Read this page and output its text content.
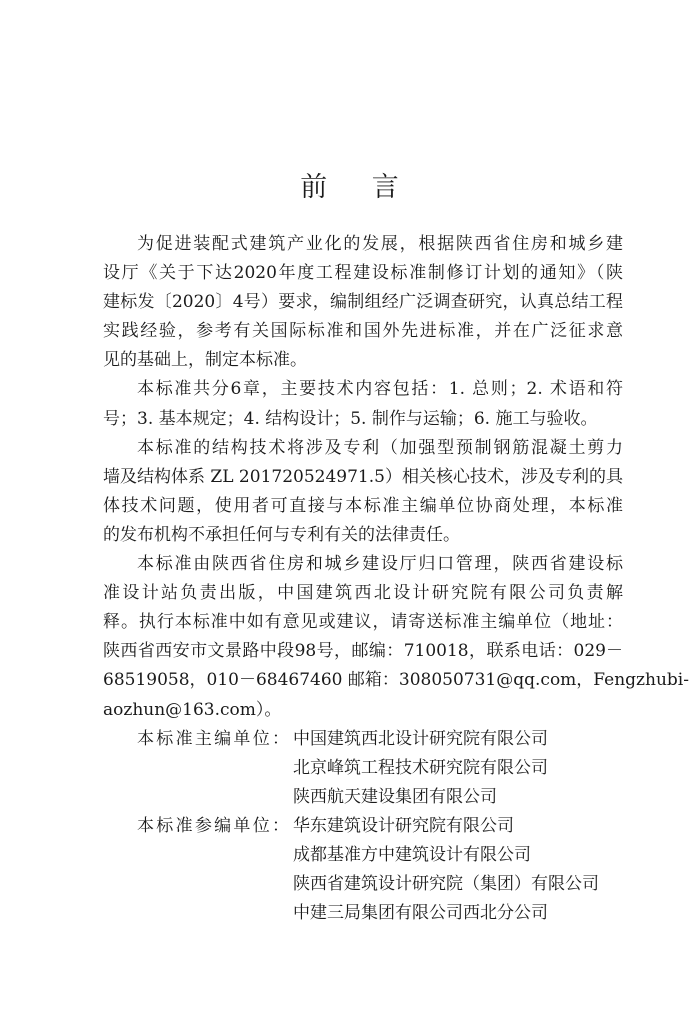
前 言
为促进装配式建筑产业化的发展，根据陕西省住房和城乡建
设厅《关于下达2020年度工程建设标准制修订计划的通知》（陕
建标发〔2020〕4号）要求，编制组经广泛调查研究，认真总结工程
实践经验，参考有关国际标准和国外先进标准，并在广泛征求意
见的基础上，制定本标准。
本标准共分6章，主要技术内容包括：1. 总则；2. 术语和符
号；3. 基本规定；4. 结构设计；5. 制作与运输；6. 施工与验收。
本标准的结构技术将涉及专利（加强型预制钢筋混凝土剪力
墙及结构体系 ZL 201720524971.5）相关核心技术，涉及专利的具
体技术问题，使用者可直接与本标准主编单位协商处理，本标准
的发布机构不承担任何与专利有关的法律责任。
本标准由陕西省住房和城乡建设厅归口管理，陕西省建设标
准设计站负责出版，中国建筑西北设计研究院有限公司负责解
释。执行本标准中如有意见或建议，请寄送标准主编单位（地址：
陕西省西安市文景路中段98号，邮编：710018，联系电话：029－
68519058，010－68467460 邮箱：308050731@qq.com，Fengzhubi-
aozhun@163.com）。
本标准主编单位： 中国建筑西北设计研究院有限公司
北京峰筑工程技术研究院有限公司
陕西航天建设集团有限公司
本标准参编单位： 华东建筑设计研究院有限公司
成都基准方中建筑设计有限公司
陕西省建筑设计研究院（集团）有限公司
中建三局集团有限公司西北分公司
